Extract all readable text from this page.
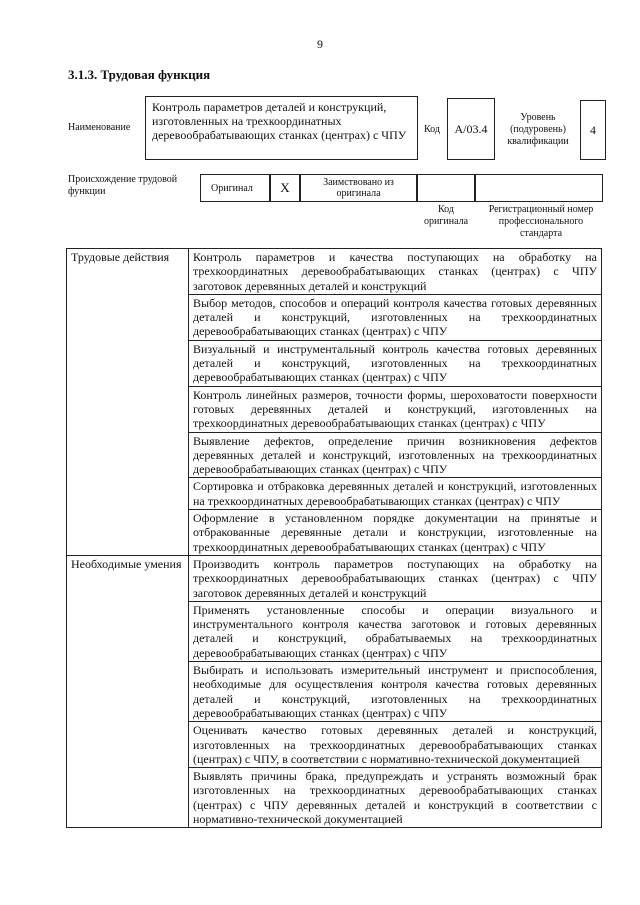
9
3.1.3. Трудовая функция
Наименование
Контроль параметров деталей и конструкций, изготовленных на трехкоординатных деревообрабатывающих станках (центрах) с ЧПУ	Код A/03.4
Уровень (подуровень) квалификации
4
Происхождение трудовой функции	Оригинал X	Заимствовано из оригинала
Код оригинала
Регистрационный номер профессионального стандарта
Трудовые действия	Контроль параметров и качества поступающих на обработку на трехкоординатных деревообрабатывающих станках (центрах) с ЧПУ заготовок деревянных деталей и конструкций

	Выбор методов, способов и операций контроля качества готовых деревянных деталей и конструкций, изготовленных на трехкоординатных деревообрабатывающих станках (центрах) с ЧПУ

	Визуальный и инструментальный контроль качества готовых деревянных деталей и конструкций, изготовленных на трехкоординатных деревообрабатывающих станках (центрах) с ЧПУ

	Контроль линейных размеров, точности формы, шероховатости поверхности готовых деревянных деталей и конструкций, изготовленных на трехкоординатных деревообрабатывающих станках (центрах) с ЧПУ

	Выявление дефектов, определение причин возникновения дефектов деревянных деталей и конструкций, изготовленных на трехкоординатных деревообрабатывающих станках (центрах) с ЧПУ

	Сортировка и отбраковка деревянных деталей и конструкций, изготовленных на трехкоординатных деревообрабатывающих станках (центрах) с ЧПУ

	Оформление в установленном порядке документации на принятые и отбракованные деревянные детали и конструкции, изготовленные на трехкоординатных деревообрабатывающих станках (центрах) с ЧПУ

Необходимые умения	Производить контроль параметров поступающих на обработку на трехкоординатных деревообрабатывающих станках (центрах) с ЧПУ заготовок деревянных деталей и конструкций

	Применять установленные способы и операции визуального и инструментального контроля качества заготовок и готовых деревянных деталей и конструкций, обрабатываемых на трехкоординатных деревообрабатывающих станках (центрах) с ЧПУ

	Выбирать и использовать измерительный инструмент и приспособления, необходимые для осуществления контроля качества готовых деревянных деталей и конструкций, изготовленных на трехкоординатных деревообрабатывающих станках (центрах) с ЧПУ

	Оценивать качество готовых деревянных деталей и конструкций, изготовленных на трехкоординатных деревообрабатывающих станках (центрах) с ЧПУ, в соответствии с нормативно-технической документацией

	Выявлять причины брака, предупреждать и устранять возможный брак изготовленных на трехкоординатных деревообрабатывающих станках (центрах) с ЧПУ деревянных деталей и конструкций в соответствии с нормативно-технической документацией
